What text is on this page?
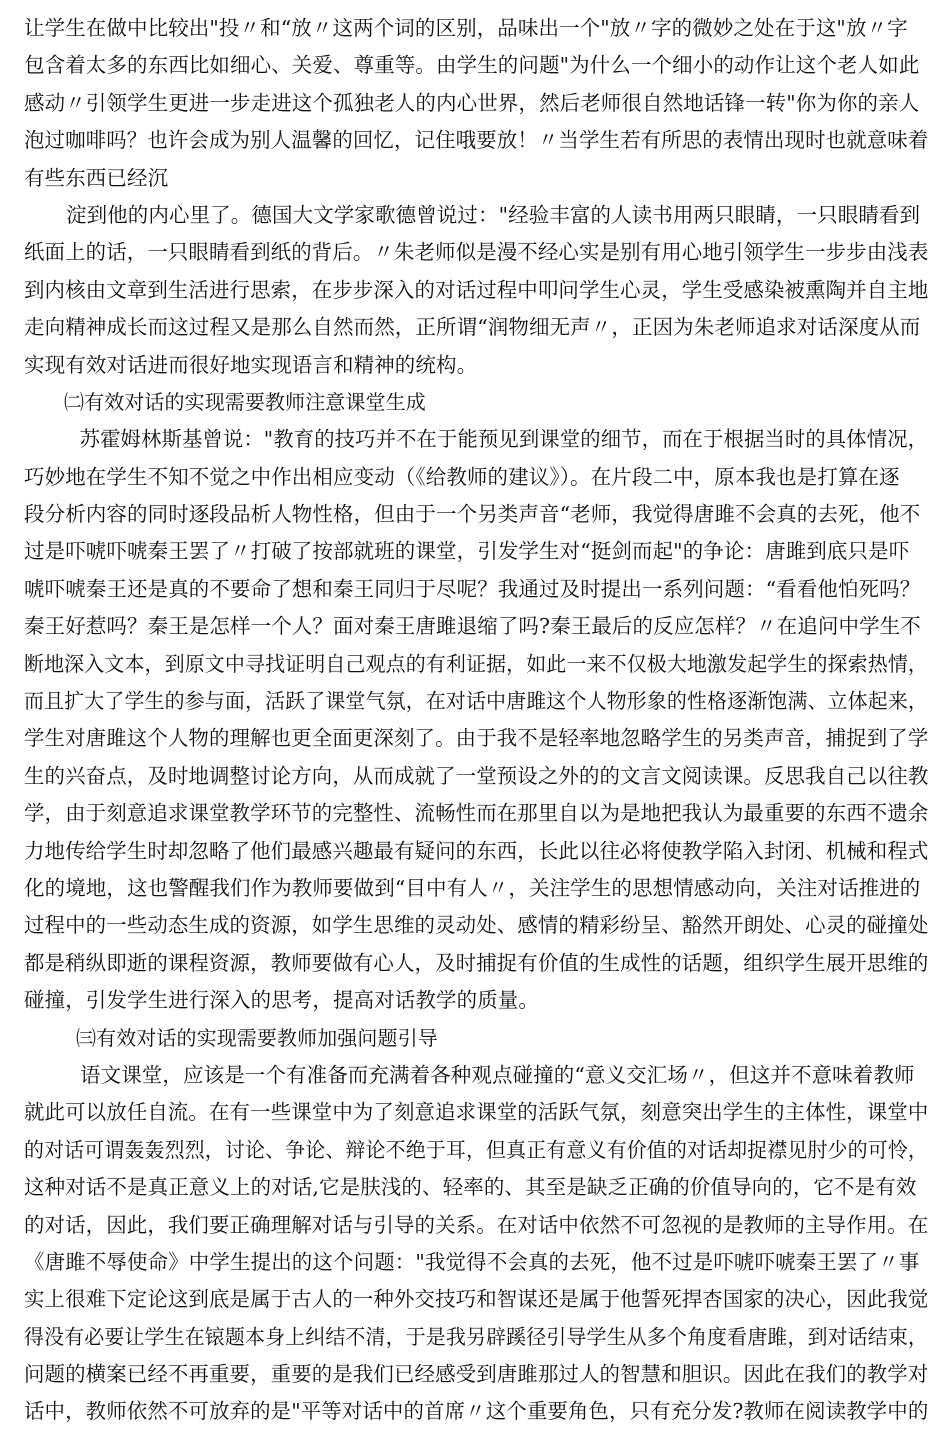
让学生在做中比较出"投〃和“放〃这两个词的区别，品味出一个"放〃字的微妙之处在于这"放〃字
包含着太多的东西比如细心、关爱、尊重等。由学生的问题"为什么一个细小的动作让这个老人如此
感动〃引领学生更进一步走进这个孤独老人的内心世界，然后老师很自然地话锋一转"你为你的亲人
泡过咖啡吗？也许会成为别人温馨的回忆，记住哦要放！〃当学生若有所思的表情出现时也就意味着
有些东西已经沉
淀到他的内心里了。德国大文学家歌德曾说过："经验丰富的人读书用两只眼睛，一只眼睛看到
纸面上的话，一只眼睛看到纸的背后。〃朱老师似是漫不经心实是别有用心地引领学生一步步由浅表
到内核由文章到生活进行思索，在步步深入的对话过程中叩问学生心灵，学生受感染被熏陶并自主地
走向精神成长而这过程又是那么自然而然，正所谓“润物细无声〃，正因为朱老师追求对话深度从而
实现有效对话进而很好地实现语言和精神的统构。
㈡有效对话的实现需要教师注意课堂生成
苏霍姆林斯基曾说："教育的技巧并不在于能预见到课堂的细节，而在于根据当时的具体情况，
巧妙地在学生不知不觉之中作出相应变动（《给教师的建议》）。在片段二中，原本我也是打算在逐
段分析内容的同时逐段品析人物性格，但由于一个另类声音“老师，我觉得唐雎不会真的去死，他不
过是吓唬吓唬秦王罢了〃打破了按部就班的课堂，引发学生对“挺剑而起"的争论：唐雎到底只是吓
唬吓唬秦王还是真的不要命了想和秦王同归于尽呢？我通过及时提出一系列问题：“看看他怕死吗？
秦王好惹吗？秦王是怎样一个人？面对秦王唐雎退缩了吗?秦王最后的反应怎样？〃在追问中学生不
断地深入文本，到原文中寻找证明自己观点的有利证据，如此一来不仅极大地激发起学生的探索热情，
而且扩大了学生的参与面，活跃了课堂气氛，在对话中唐雎这个人物形象的性格逐渐饱满、立体起来，
学生对唐雎这个人物的理解也更全面更深刻了。由于我不是轻率地忽略学生的另类声音，捕捉到了学
生的兴奋点，及时地调整讨论方向，从而成就了一堂预设之外的的文言文阅读课。反思我自己以往教
学，由于刻意追求课堂教学环节的完整性、流畅性而在那里自以为是地把我认为最重要的东西不遗余
力地传给学生时却忽略了他们最感兴趣最有疑问的东西，长此以往必将使教学陷入封闭、机械和程式
化的境地，这也警醒我们作为教师要做到“目中有人〃，关注学生的思想情感动向，关注对话推进的
过程中的一些动态生成的资源，如学生思维的灵动处、感情的精彩纷呈、豁然开朗处、心灵的碰撞处
都是稍纵即逝的课程资源，教师要做有心人，及时捕捉有价值的生成性的话题，组织学生展开思维的
碰撞，引发学生进行深入的思考，提高对话教学的质量。
㈢有效对话的实现需要教师加强问题引导
语文课堂，应该是一个有准备而充满着各种观点碰撞的“意义交汇场〃，但这并不意味着教师
就此可以放任自流。在有一些课堂中为了刻意追求课堂的活跃气氛，刻意突出学生的主体性，课堂中
的对话可谓轰轰烈烈，讨论、争论、辩论不绝于耳，但真正有意义有价值的对话却捉襟见肘少的可怜，
这种对话不是真正意义上的对话,它是肤浅的、轻率的、其至是缺乏正确的价值导向的，它不是有效
的对话，因此，我们要正确理解对话与引导的关系。在对话中依然不可忽视的是教师的主导作用。在
《唐雎不辱使命》中学生提出的这个问题："我觉得不会真的去死，他不过是吓唬吓唬秦王罢了〃事
实上很难下定论这到底是属于古人的一种外交技巧和智谋还是属于他誓死捍杏国家的决心，因此我觉
得没有必要让学生在锿题本身上纠结不清，于是我另辟蹊径引导学生从多个角度看唐雎，到对话结束，
问题的横案已经不再重要，重要的是我们已经感受到唐雎那过人的智慧和胆识。因此在我们的教学对
话中，教师依然不可放弃的是"平等对话中的首席〃这个重要角色，只有充分发?教师在阅读教学中的
